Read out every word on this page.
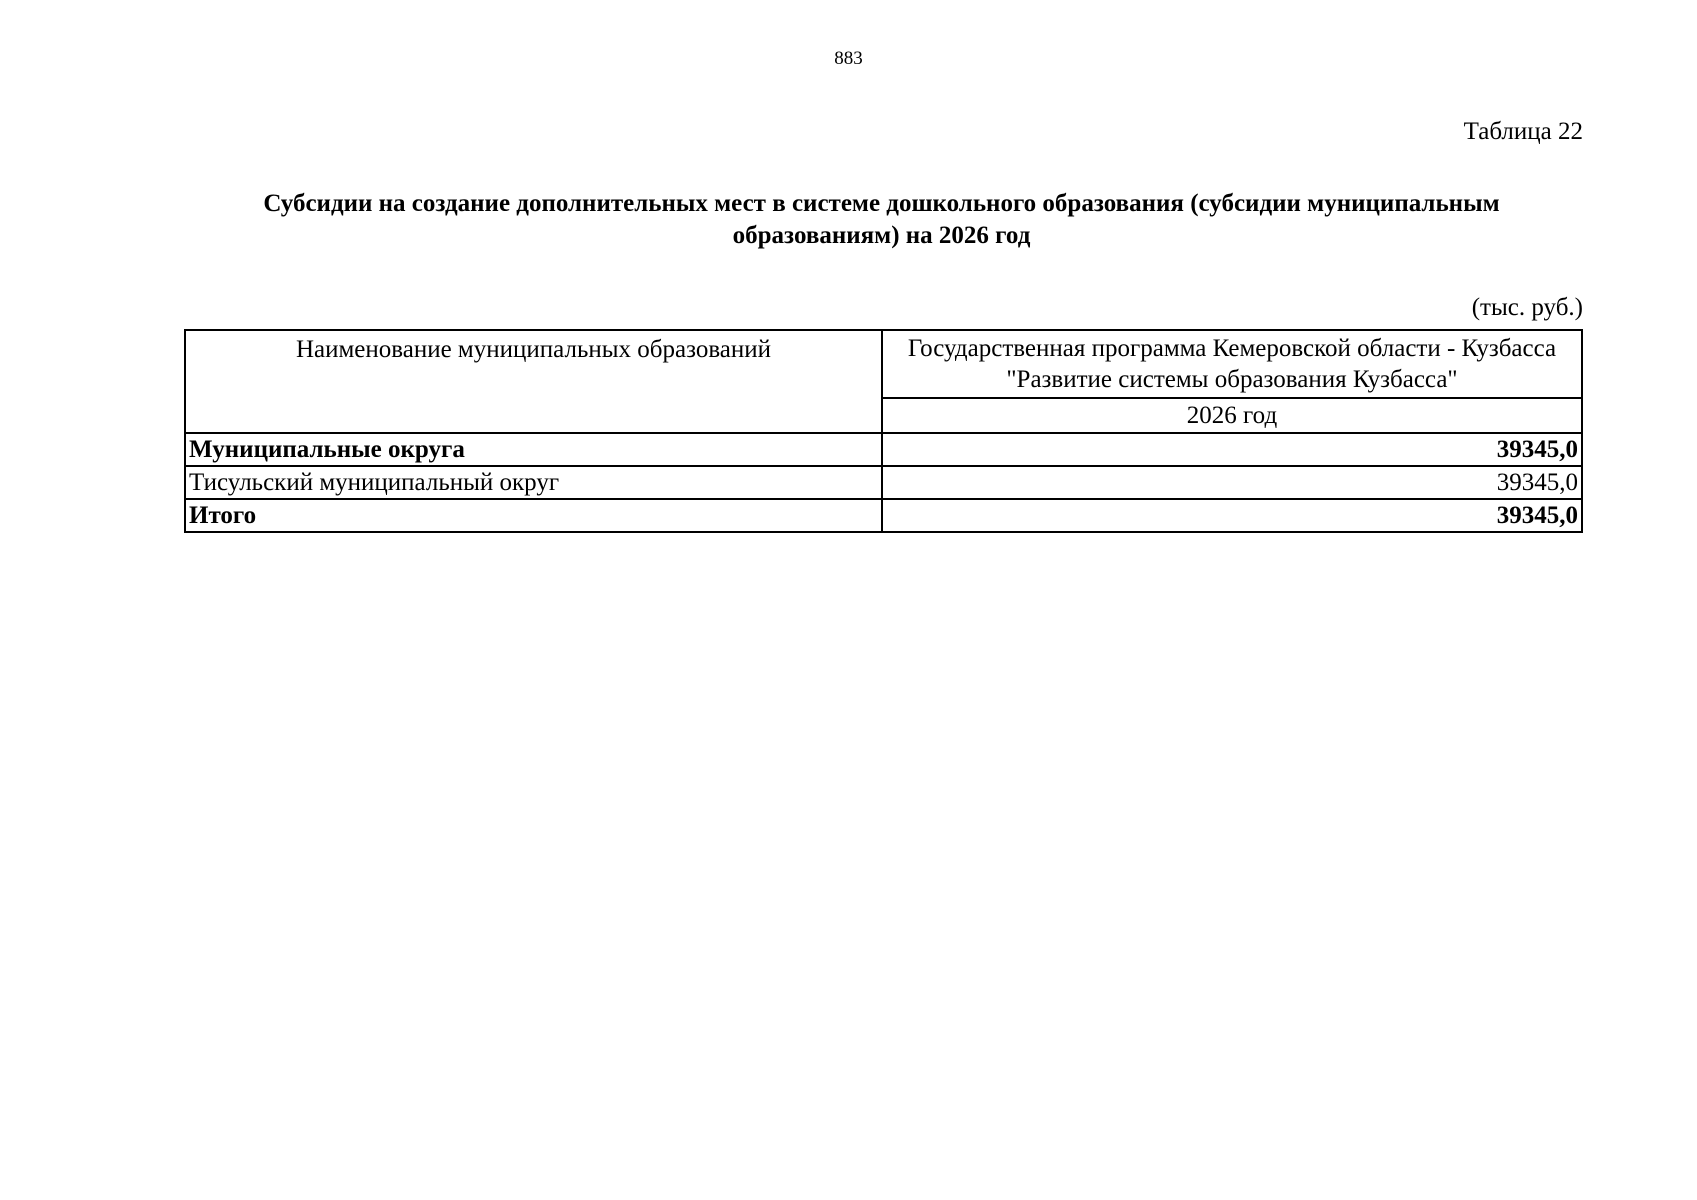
883
Таблица 22
Субсидии на создание дополнительных мест в системе дошкольного образования (субсидии муниципальным образованиям) на 2026 год
(тыс. руб.)
Наименование муниципальных образований	Государственная программа Кемеровской области - Кузбасса "Развитие системы образования Кузбасса"
	2026 год
Муниципальные округа	39345,0
Тисульский муниципальный округ	39345,0
Итого	39345,0
